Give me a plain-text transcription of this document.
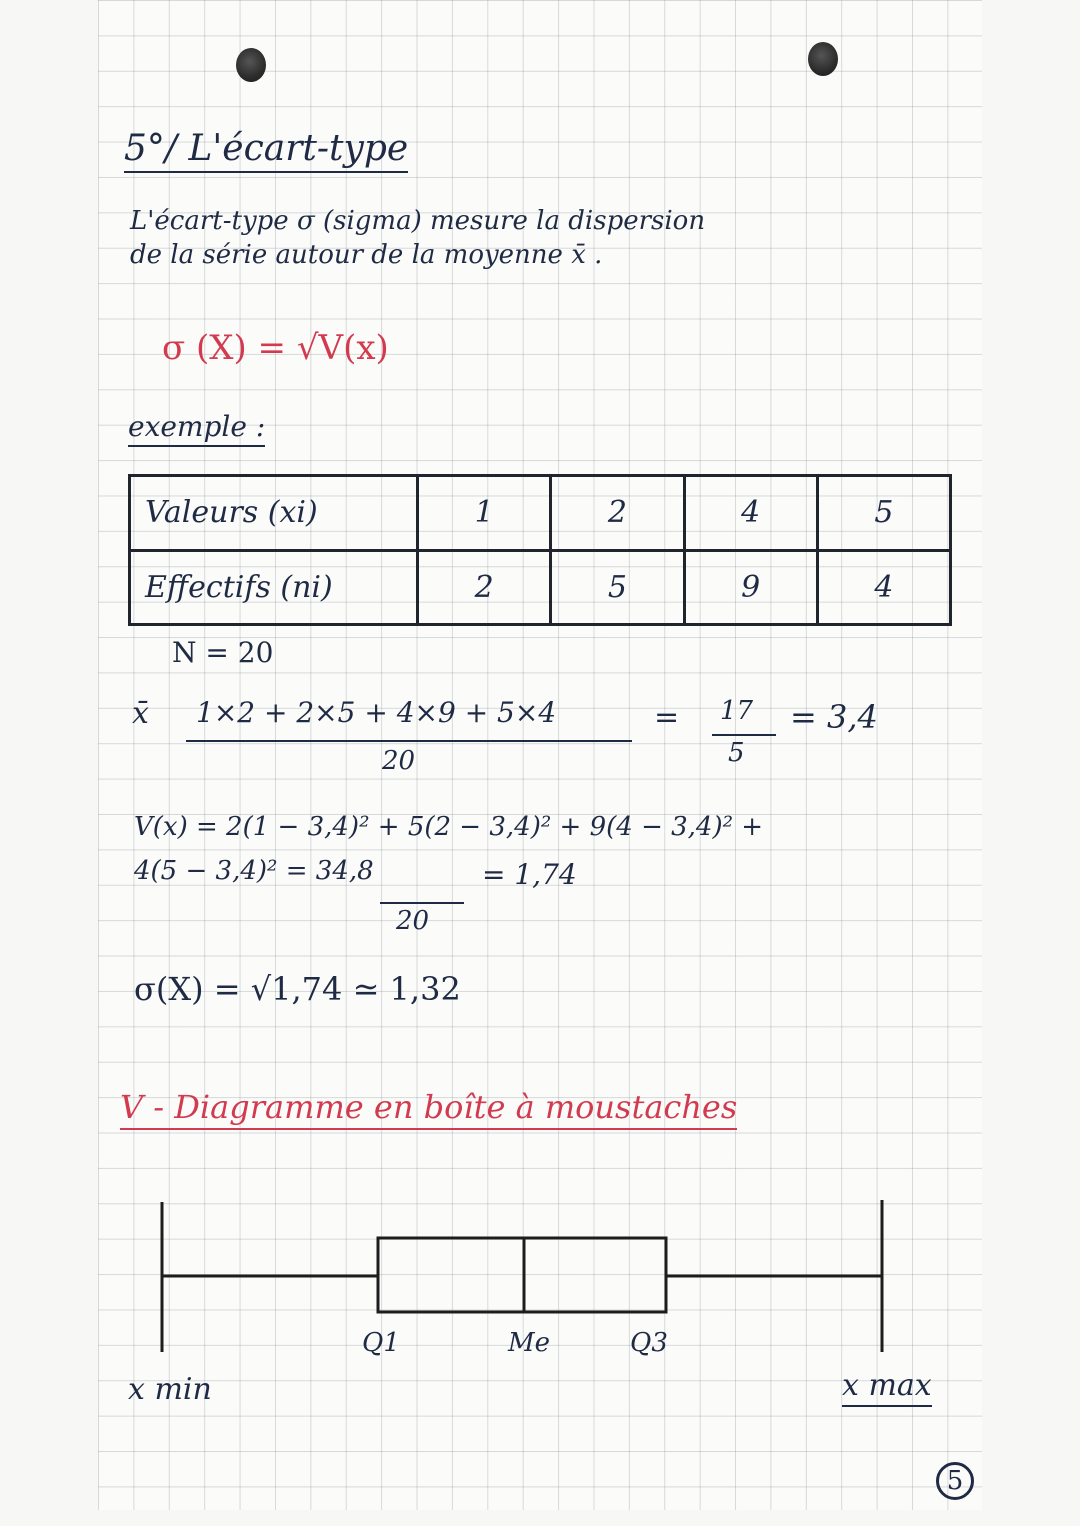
5°/ L'écart-type
L'écart-type σ (sigma) mesure la dispersion
de la série autour de la moyenne x̄ .
σ (X) = √V(x)
exemple :
Valeurs (xi)	1	2	4	5
Effectifs (ni)	2	5	9	4
N = 20
x̄ 1×2 + 2×5 + 4×9 + 5×4
20
= 17
5
= 3,4
V(x) = 2(1 − 3,4)² + 5(2 − 3,4)² + 9(4 − 3,4)² +
4(5 − 3,4)² = 34,8	= 1,74
20
σ(X) = √1,74 ≃ 1,32
V - Diagramme en boîte à moustaches
x min
Q1	Me	Q3
x max
5
